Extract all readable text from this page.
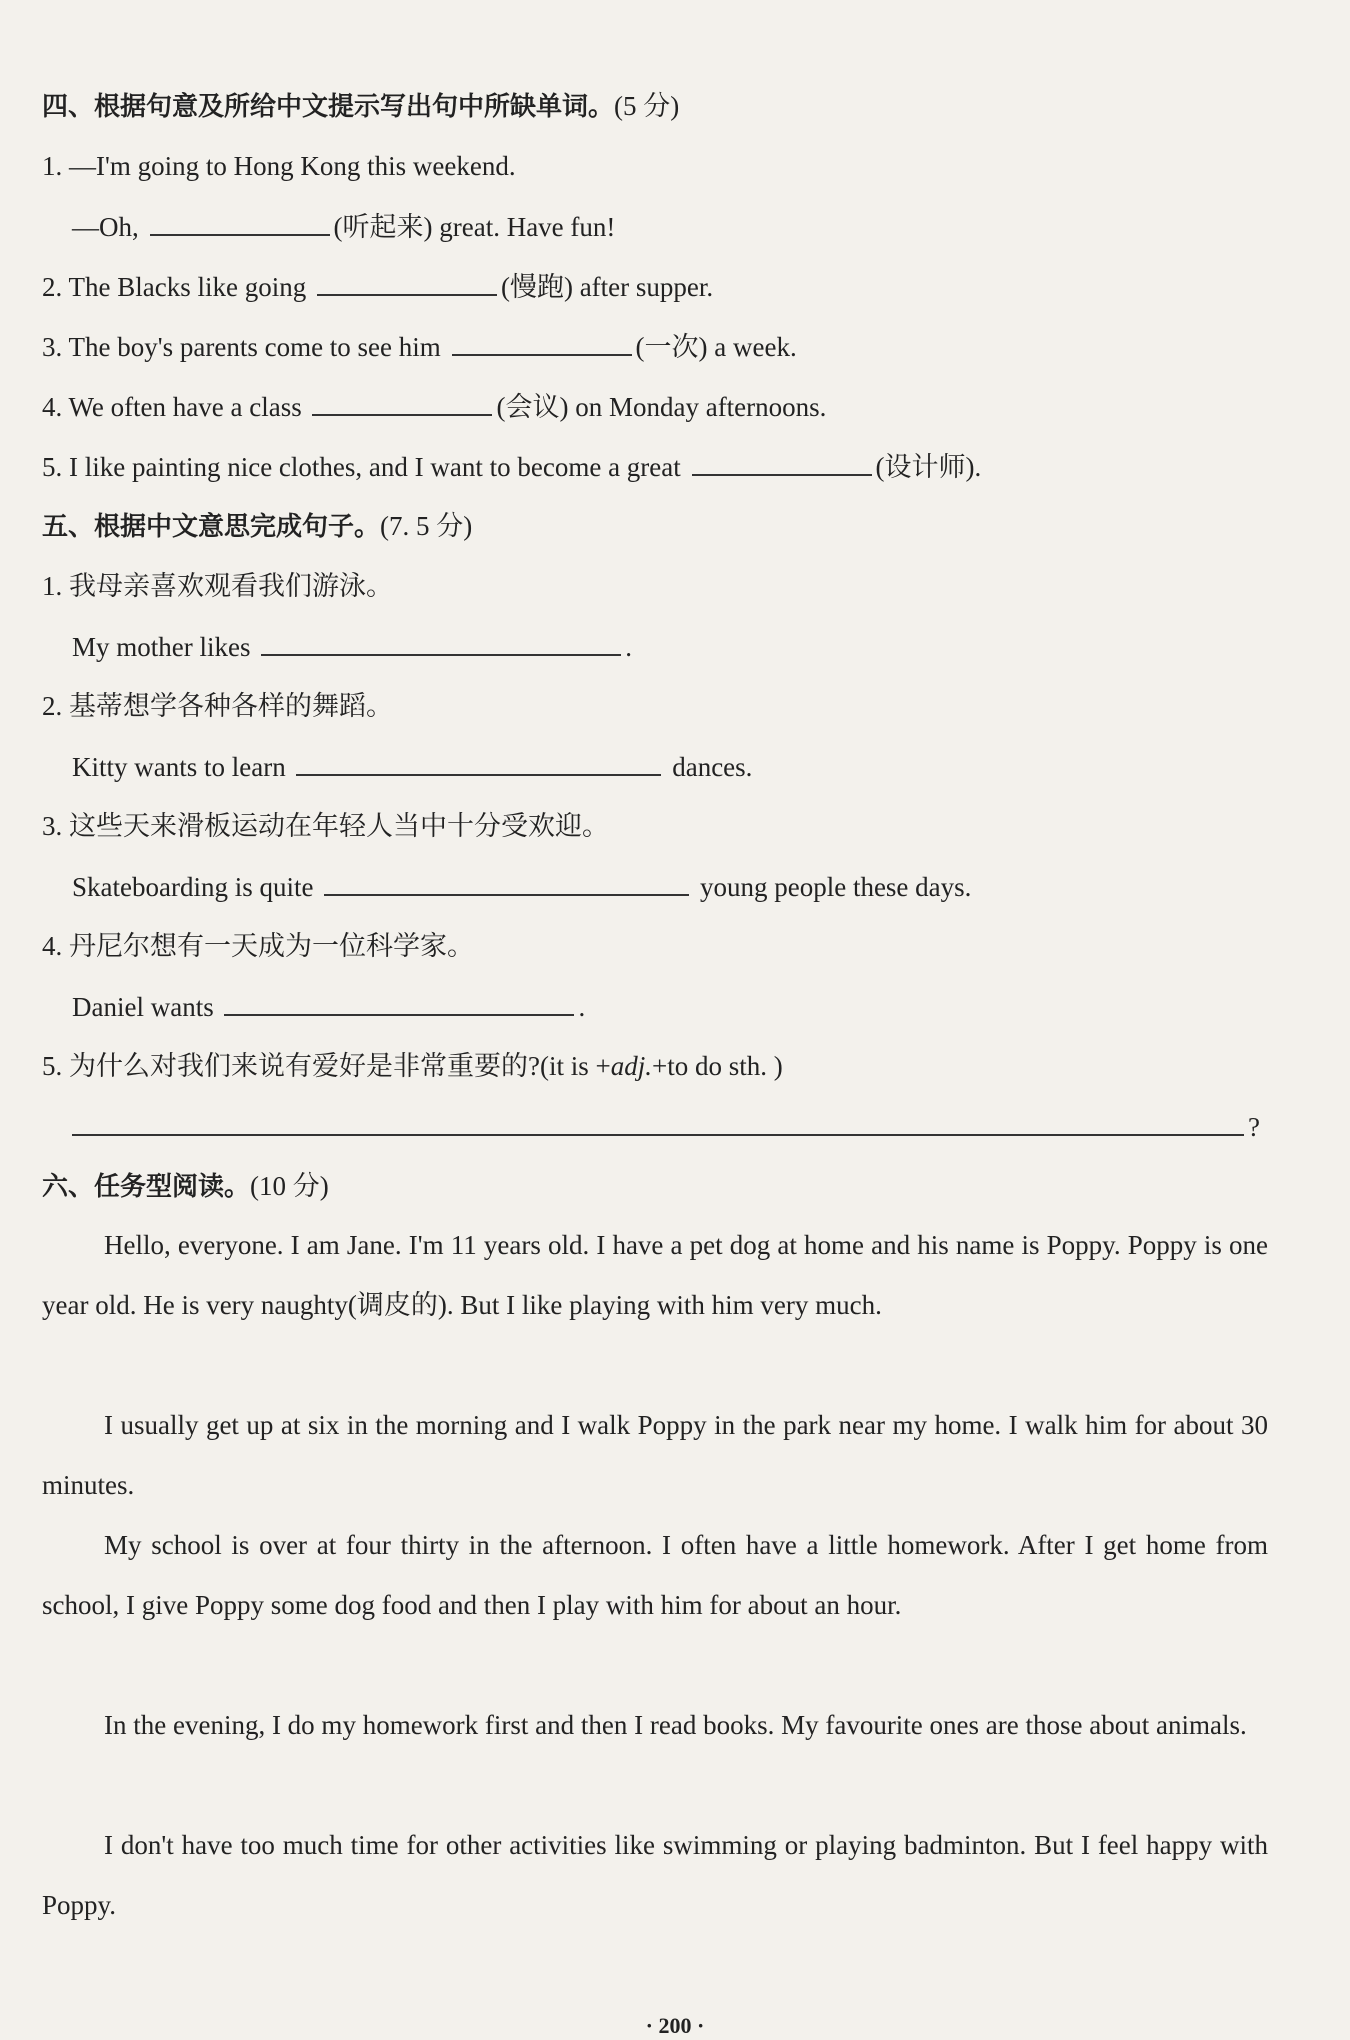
四、根据句意及所给中文提示写出句中所缺单词。(5 分)
1. —I'm going to Hong Kong this weekend.
—Oh,	(听起来) great. Have fun!
2. The Blacks like going	(慢跑) after supper.
3. The boy's parents come to see him	(一次) a week.
4. We often have a class	(会议) on Monday afternoons.
5. I like painting nice clothes, and I want to become a great	(设计师).
五、根据中文意思完成句子。(7. 5 分)
1. 我母亲喜欢观看我们游泳。
My mother likes	.
2. 基蒂想学各种各样的舞蹈。
Kitty wants to learn	dances.
3. 这些天来滑板运动在年轻人当中十分受欢迎。
Skateboarding is quite	young people these days.
4. 丹尼尔想有一天成为一位科学家。
Daniel wants	.
5. 为什么对我们来说有爱好是非常重要的?(it is +adj.+to do sth. )
?
六、任务型阅读。(10 分)
Hello, everyone. I am Jane. I'm 11 years old. I have a pet dog at home and his name is Poppy. Poppy is one year old. He is very naughty(调皮的). But I like playing with him very much.
I usually get up at six in the morning and I walk Poppy in the park near my home. I walk him for about 30 minutes.
My school is over at four thirty in the afternoon. I often have a little homework. After I get home from school, I give Poppy some dog food and then I play with him for about an hour.
In the evening, I do my homework first and then I read books. My favourite ones are those about animals.
I don't have too much time for other activities like swimming or playing badminton. But I feel happy with Poppy.
· 200 ·
